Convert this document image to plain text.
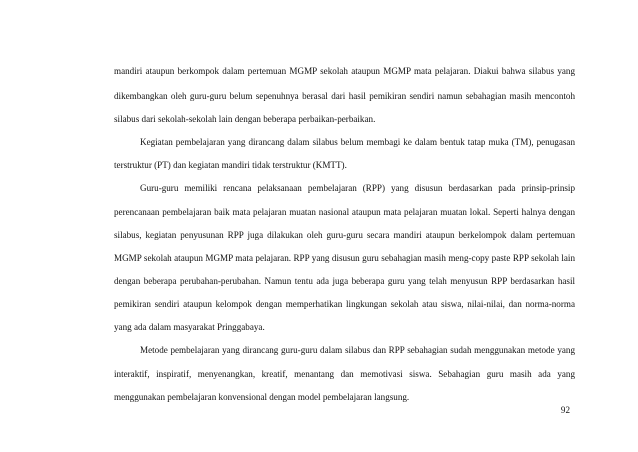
mandiri ataupun berkompok dalam pertemuan MGMP sekolah ataupun MGMP mata pelajaran. Diakui bahwa silabus yang
dikembangkan oleh guru-guru belum sepenuhnya berasal dari hasil pemikiran sendiri namun sebahagian masih mencontoh
silabus dari sekolah-sekolah lain dengan beberapa perbaikan-perbaikan.
Kegiatan pembelajaran yang dirancang dalam silabus belum membagi ke dalam bentuk tatap muka (TM), penugasan
terstruktur (PT) dan kegiatan mandiri tidak terstruktur (KMTT).
Guru-guru memiliki rencana pelaksanaan pembelajaran (RPP) yang disusun berdasarkan pada prinsip-prinsip
perencanaan pembelajaran baik mata pelajaran muatan nasional ataupun mata pelajaran muatan lokal. Seperti halnya dengan
silabus, kegiatan penyusunan RPP juga dilakukan oleh guru-guru secara mandiri ataupun berkelompok dalam pertemuan
MGMP sekolah ataupun MGMP mata pelajaran. RPP yang disusun guru sebahagian masih meng-copy paste RPP sekolah lain
dengan beberapa perubahan-perubahan. Namun tentu ada juga beberapa guru yang telah menyusun RPP berdasarkan hasil
pemikiran sendiri ataupun kelompok dengan memperhatikan lingkungan sekolah atau siswa, nilai-nilai, dan norma-norma
yang ada dalam masyarakat Pringgabaya.
Metode pembelajaran yang dirancang guru-guru dalam silabus dan RPP sebahagian sudah menggunakan metode yang
interaktif, inspiratif, menyenangkan, kreatif, menantang dan memotivasi siswa. Sebahagian guru masih ada yang
menggunakan pembelajaran konvensional dengan model pembelajaran langsung.
92
